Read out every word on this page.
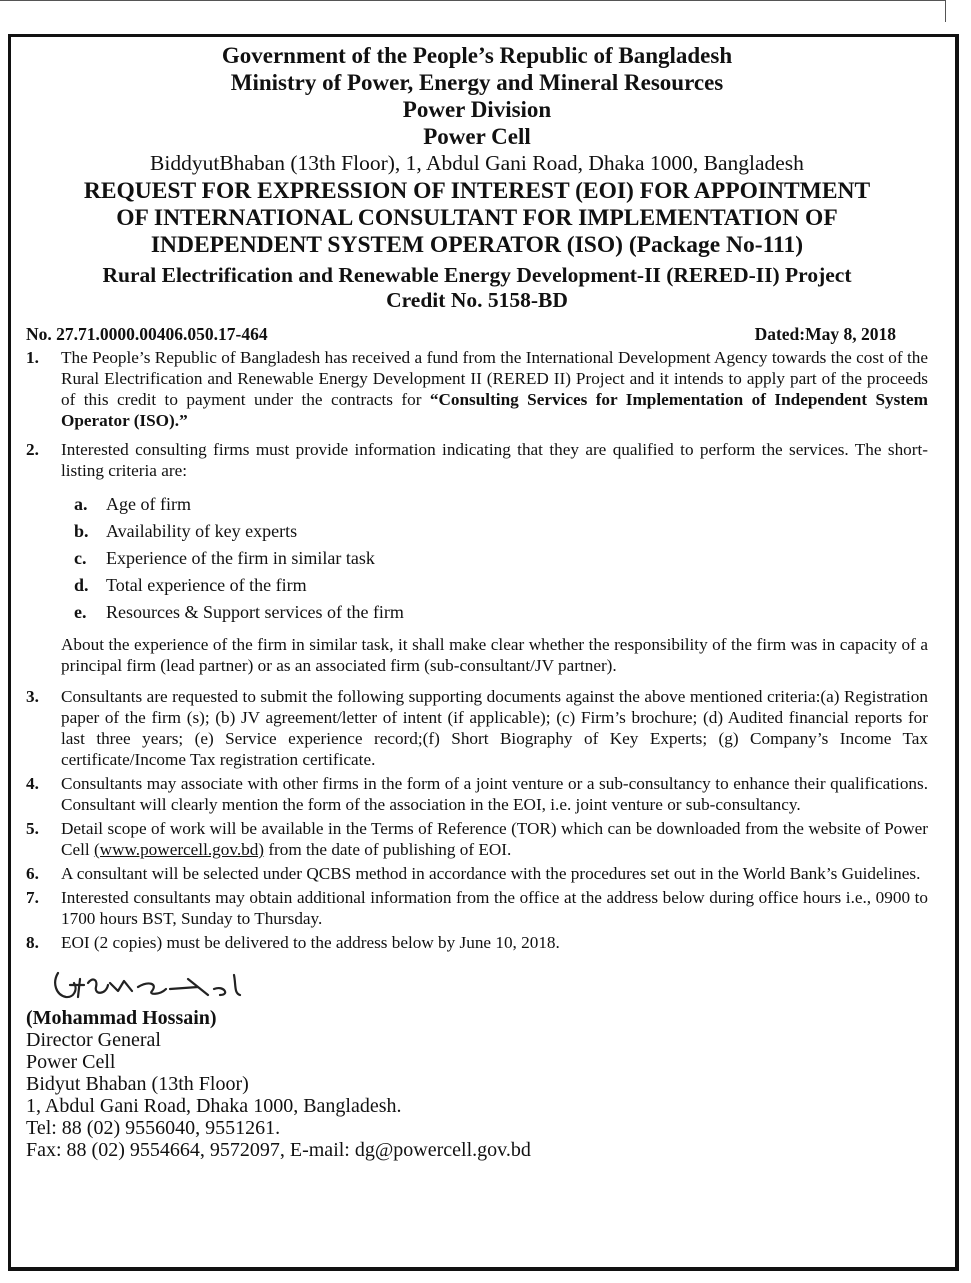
Government of the People’s Republic of Bangladesh
Ministry of Power, Energy and Mineral Resources
Power Division
Power Cell
BiddyutBhaban (13th Floor), 1, Abdul Gani Road, Dhaka 1000, Bangladesh
REQUEST FOR EXPRESSION OF INTEREST (EOI) FOR APPOINTMENT
OF INTERNATIONAL CONSULTANT FOR IMPLEMENTATION OF
INDEPENDENT SYSTEM OPERATOR (ISO) (Package No-111)
Rural Electrification and Renewable Energy Development-II (RERED-II) Project
Credit No. 5158-BD
No. 27.71.0000.00406.050.17-464	Dated:May 8, 2018
1. The People’s Republic of Bangladesh has received a fund from the International Development Agency towards the cost of the Rural Electrification and Renewable Energy Development II (RERED II) Project and it intends to apply part of the proceeds of this credit to payment under the contracts for “Consulting Services for Implementation of Independent System Operator (ISO).”
2. Interested consulting firms must provide information indicating that they are qualified to perform the services. The short-listing criteria are:
a. Age of firm
b. Availability of key experts
c. Experience of the firm in similar task
d. Total experience of the firm
e. Resources & Support services of the firm
About the experience of the firm in similar task, it shall make clear whether the responsibility of the firm was in capacity of a principal firm (lead partner) or as an associated firm (sub-consultant/JV partner).
3. Consultants are requested to submit the following supporting documents against the above mentioned criteria:(a) Registration paper of the firm (s); (b) JV agreement/letter of intent (if applicable); (c) Firm’s brochure; (d) Audited financial reports for last three years; (e) Service experience record;(f) Short Biography of Key Experts; (g) Company’s Income Tax certificate/Income Tax registration certificate.
4. Consultants may associate with other firms in the form of a joint venture or a sub-consultancy to enhance their qualifications. Consultant will clearly mention the form of the association in the EOI, i.e. joint venture or sub-consultancy.
5. Detail scope of work will be available in the Terms of Reference (TOR) which can be downloaded from the website of Power Cell (www.powercell.gov.bd) from the date of publishing of EOI.
6. A consultant will be selected under QCBS method in accordance with the procedures set out in the World Bank’s Guidelines.
7. Interested consultants may obtain additional information from the office at the address below during office hours i.e., 0900 to 1700 hours BST, Sunday to Thursday.
8. EOI (2 copies) must be delivered to the address below by June 10, 2018.
(Mohammad Hossain)
Director General
Power Cell
Bidyut Bhaban (13th Floor)
1, Abdul Gani Road, Dhaka 1000, Bangladesh.
Tel: 88 (02) 9556040, 9551261.
Fax: 88 (02) 9554664, 9572097, E-mail: dg@powercell.gov.bd
